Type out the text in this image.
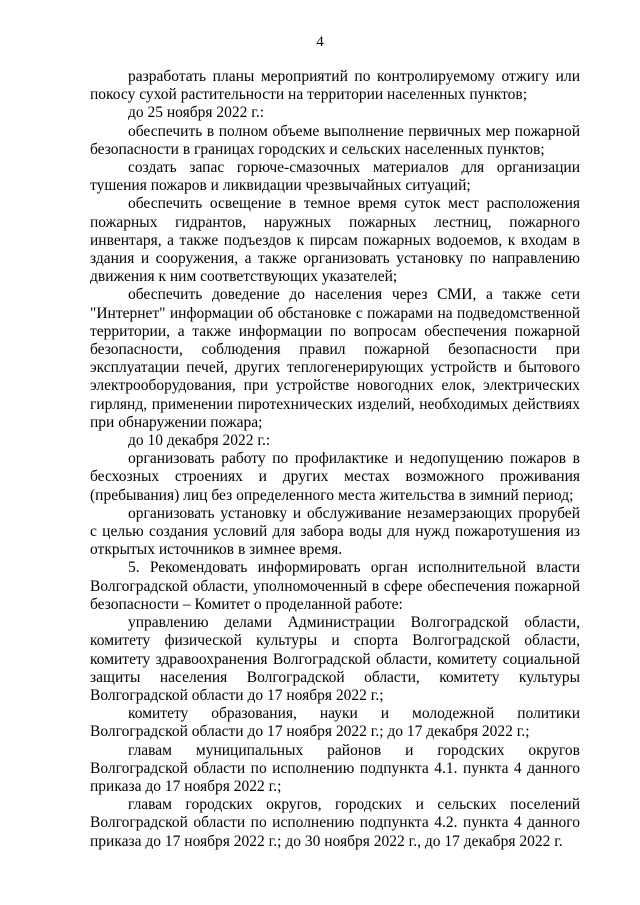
4

разработать планы мероприятий по контролируемому отжигу или покосу сухой растительности на территории населенных пунктов;

до 25 ноября 2022 г.:

обеспечить в полном объеме выполнение первичных мер пожарной безопасности в границах городских и сельских населенных пунктов;

создать запас горюче-смазочных материалов для организации тушения пожаров и ликвидации чрезвычайных ситуаций;

обеспечить освещение в темное время суток мест расположения пожарных гидрантов, наружных пожарных лестниц, пожарного инвентаря, а также подъездов к пирсам пожарных водоемов, к входам в здания и сооружения, а также организовать установку по направлению движения к ним соответствующих указателей;

обеспечить доведение до населения через СМИ, а также сети "Интернет" информации об обстановке с пожарами на подведомственной территории, а также информации по вопросам обеспечения пожарной безопасности, соблюдения правил пожарной безопасности при эксплуатации печей, других теплогенерирующих устройств и бытового электрооборудования, при устройстве новогодних елок, электрических гирлянд, применении пиротехнических изделий, необходимых действиях при обнаружении пожара;

до 10 декабря 2022 г.:

организовать работу по профилактике и недопущению пожаров в бесхозных строениях и других местах возможного проживания (пребывания) лиц без определенного места жительства в зимний период;

организовать установку и обслуживание незамерзающих прорубей с целью создания условий для забора воды для нужд пожаротушения из открытых источников в зимнее время.

5. Рекомендовать информировать орган исполнительной власти Волгоградской области, уполномоченный в сфере обеспечения пожарной безопасности – Комитет о проделанной работе:

управлению делами Администрации Волгоградской области, комитету физической культуры и спорта Волгоградской области, комитету здравоохранения Волгоградской области, комитету социальной защиты населения Волгоградской области, комитету культуры Волгоградской области до 17 ноября 2022 г.;

комитету образования, науки и молодежной политики Волгоградской области до 17 ноября 2022 г.; до 17 декабря 2022 г.;

главам муниципальных районов и городских округов Волгоградской области по исполнению подпункта 4.1. пункта 4 данного приказа до 17 ноября 2022 г.;

главам городских округов, городских и сельских поселений Волгоградской области по исполнению подпункта 4.2. пункта 4 данного приказа до 17 ноября 2022 г.; до 30 ноября 2022 г., до 17 декабря 2022 г.
